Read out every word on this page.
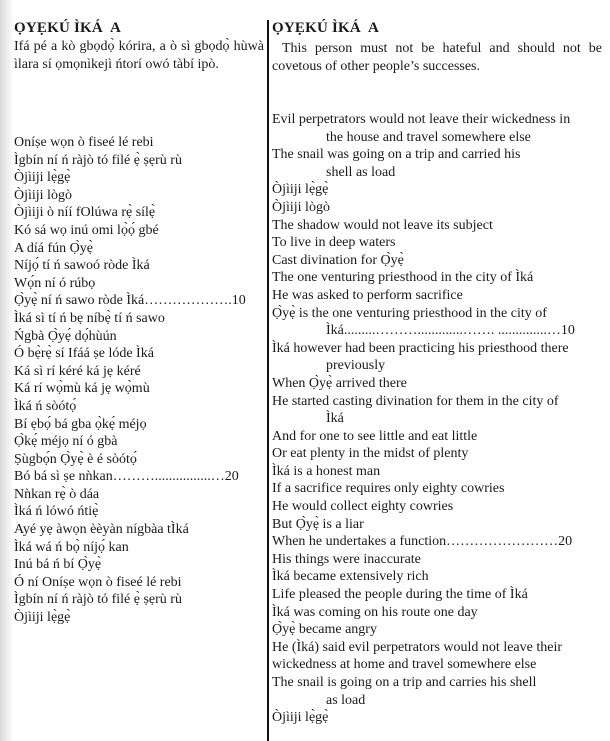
ỌYẸKÚ ÌKÁ  A
Ifá pé a kò gbọdọ̀ kórira, a ò sì gbọdọ̀ hùwà ìlara sí ọmọnìkejì ńtorí owó tàbí ipò.
Oníṣe wọn ò fiseé lé rebi
Ìgbín ní ń ràjò tó filé ẹ̀ ṣẹrù rù
Òjìiji lẹ̀gẹ̀
Òjìiji lògò
Òjìiji ò níí fOlúwa rẹ̀ sílẹ̀
Kó sá wọ inú omi lọ̀ọ́ gbé
A díá fún Ọ̀yẹ̀
Níjọ́ tí ń sawoó ròde Ìká
Wọ́n ní ó rúbọ
Ọ̀yẹ̀ ní ń sawo ròde Ìká……………….10
Ìká sì tí ń bẹ níbẹ̀ tí ń sawo
Ńgbà Ọ̀yẹ́ dọ́hùún
Ó bẹ̀rẹ̀ sí Ifáá ṣe lóde Ìká
Ká sì rí kéré ká jẹ kéré
Ká rí wọ̀mù ká jẹ wọ̀mù
Ìká ń sòótọ́
Bí ẹbọ́ bá gba ọ̀kẹ́ méjọ
Ọ̀kẹ́ méjọ ní ó gbà
Ṣùgbọ́n Ọ̀yẹ̀ è é sòótọ́
Bó bá sì ṣe nǹkan………................…20
Nǹkan rẹ̀ ò dáa
Ìká ń lówó ńtiẹ̀
Ayé yẹ àwọn èèyàn nígbàa tÌká
Ìká wá ń bọ̀ níjọ́ kan
Inú bá ń bí Ọ̀yẹ̀
Ó ní Oníṣe wọn ò fiseé lé rebi
Ìgbín ní ń ràjò tó filé ẹ̀ ṣẹrù rù
Òjìiji lẹ̀gẹ̀
ỌYẸKÚ ÌKÁ  A
This person must not be hateful and should not be covetous of other people’s successes.
Evil perpetrators would not leave their wickedness in
the house and travel somewhere else
The snail was going on a trip and carried his
shell as load
Òjìiji lẹ̀gẹ̀
Òjìiji lògò
The shadow would not leave its subject
To live in deep waters
Cast divination for Ọ̀yẹ̀
The one venturing priesthood in the city of Ìká
He was asked to perform sacrifice
Ọ̀yẹ̀ is the one venturing priesthood in the city of
Ìká.........……….............……. ..............…10
Ìká however had been practicing his priesthood there
previously
When Ọ̀yẹ̀ arrived there
He started casting divination for them in the city of
Ìká
And for one to see little and eat little
Or eat plenty in the midst of plenty
Ìká is a honest man
If a sacrifice requires only eighty cowries
He would collect eighty cowries
But Ọ̀yẹ̀ is a liar
When he undertakes a function……………………20
His things were inaccurate
Ìká became extensively rich
Life pleased the people during the time of Ìká
Ìká was coming on his route one day
Ọ̀yẹ̀ became angry
He (Ìká) said evil perpetrators would not leave their
wickedness at home and travel somewhere else
The snail is going on a trip and carries his shell
as load
Òjìiji lẹ̀gẹ̀
